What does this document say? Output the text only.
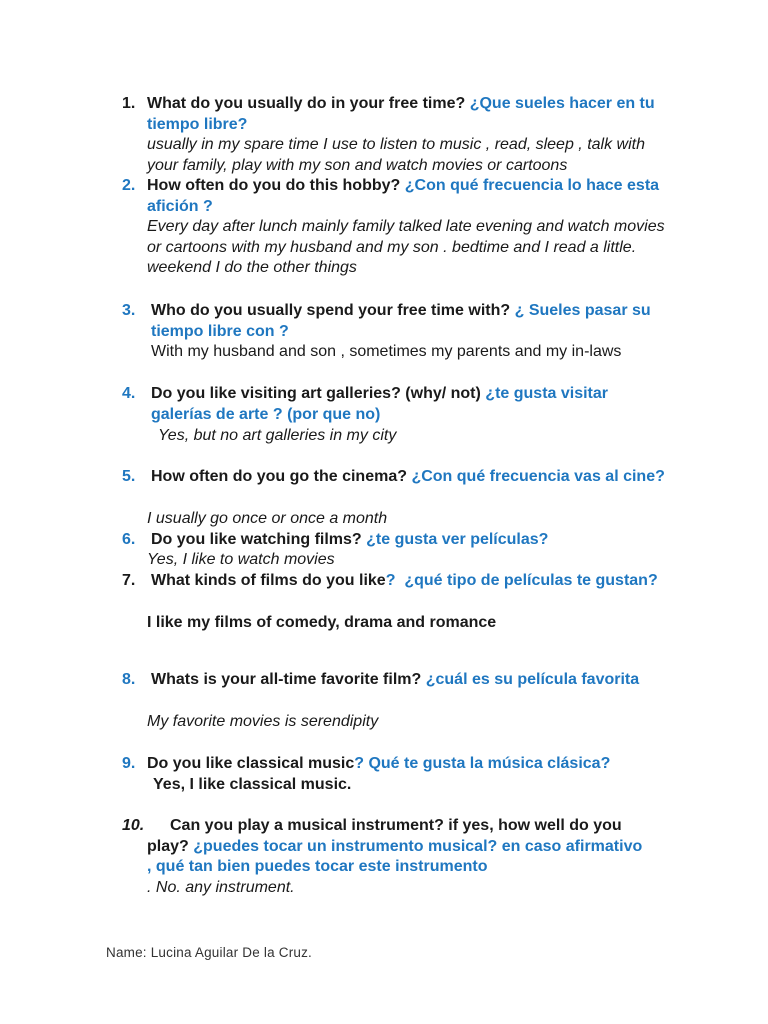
1. What do you usually do in your free time? ¿Que sueles hacer en tu tiempo libre?
usually in my spare time I use to listen to music , read, sleep , talk with your family, play with my son and watch movies or cartoons
2. How often do you do this hobby? ¿Con qué frecuencia lo hace esta afición ?
Every day after lunch mainly family talked late evening and watch movies or cartoons with my husband and my son . bedtime and I read a little. weekend I do the other things
3. Who do you usually spend your free time with? ¿ Sueles pasar su tiempo libre con ?
With my husband and son , sometimes my parents and my in-laws
4. Do you like visiting art galleries? (why/ not) ¿te gusta visitar galerías de arte ? (por que no)
Yes, but no art galleries in my city
5. How often do you go the cinema? ¿Con qué frecuencia vas al cine?
I usually go once or once a month
6. Do you like watching films? ¿te gusta ver películas?
Yes, I like to watch movies
7. What kinds of films do you like? ¿qué tipo de películas te gustan?
I like my films of comedy, drama and romance
8. Whats is your all-time favorite film? ¿cuál es su película favorita
My favorite movies is serendipity
9. Do you like classical music? Qué te gusta la música clásica?
Yes, I like classical music.
10.	Can you play a musical instrument? if yes, how well do you play? ¿puedes tocar un instrumento musical? en caso afirmativo , qué tan bien puedes tocar este instrumento
. No. any instrument.
Name: Lucina Aguilar De la Cruz.
